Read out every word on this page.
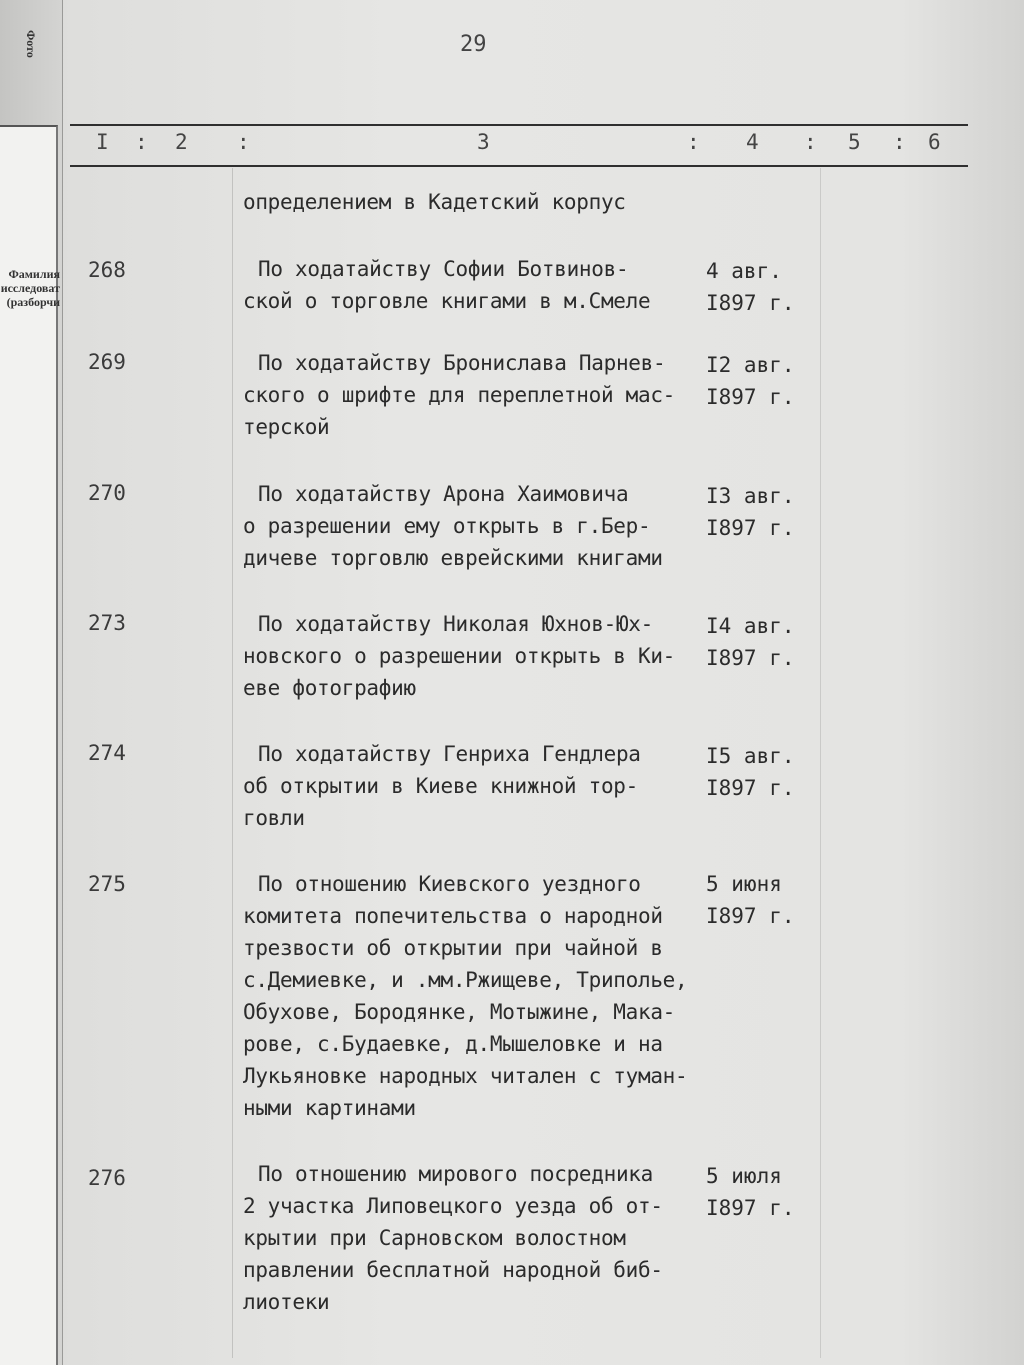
Фото
Фамилия
исследоват
(разборчи
29
I : 2 :	3	: 4 : 5 : 6
определением в Кадетский корпус
268	По ходатайству Софии Ботвинов-
ской о торговле книгами в м.Смеле
4 авг.
I897 г.
269	По ходатайству Бронислава Парнев-
ского о шрифте для переплетной мас-
терской
I2 авг.
I897 г.
270	По ходатайству Арона Хаимовича
о разрешении ему открыть в г.Бер-
дичеве торговлю еврейскими книгами
I3 авг.
I897 г.
273	По ходатайству Николая Юхнов-Юх-
новского о разрешении открыть в Ки-
еве фотографию
I4 авг.
I897 г.
274	По ходатайству Генриха Гендлера
об открытии в Киеве книжной тор-
говли
I5 авг.
I897 г.
275	По отношению Киевского уездного
комитета попечительства о народной
трезвости об открытии при чайной в
с.Демиевке, и .мм.Ржищеве, Триполье,
Обухове, Бородянке, Мотыжине, Мака-
рове, с.Будаевке, д.Мышеловке и на
Лукьяновке народных читален с туман-
ными картинами
5 июня
I897 г.
276	По отношению мирового посредника
2 участка Липовецкого уезда об от-
крытии при Сарновском волостном
правлении бесплатной народной биб-
лиотеки
5 июля
I897 г.
